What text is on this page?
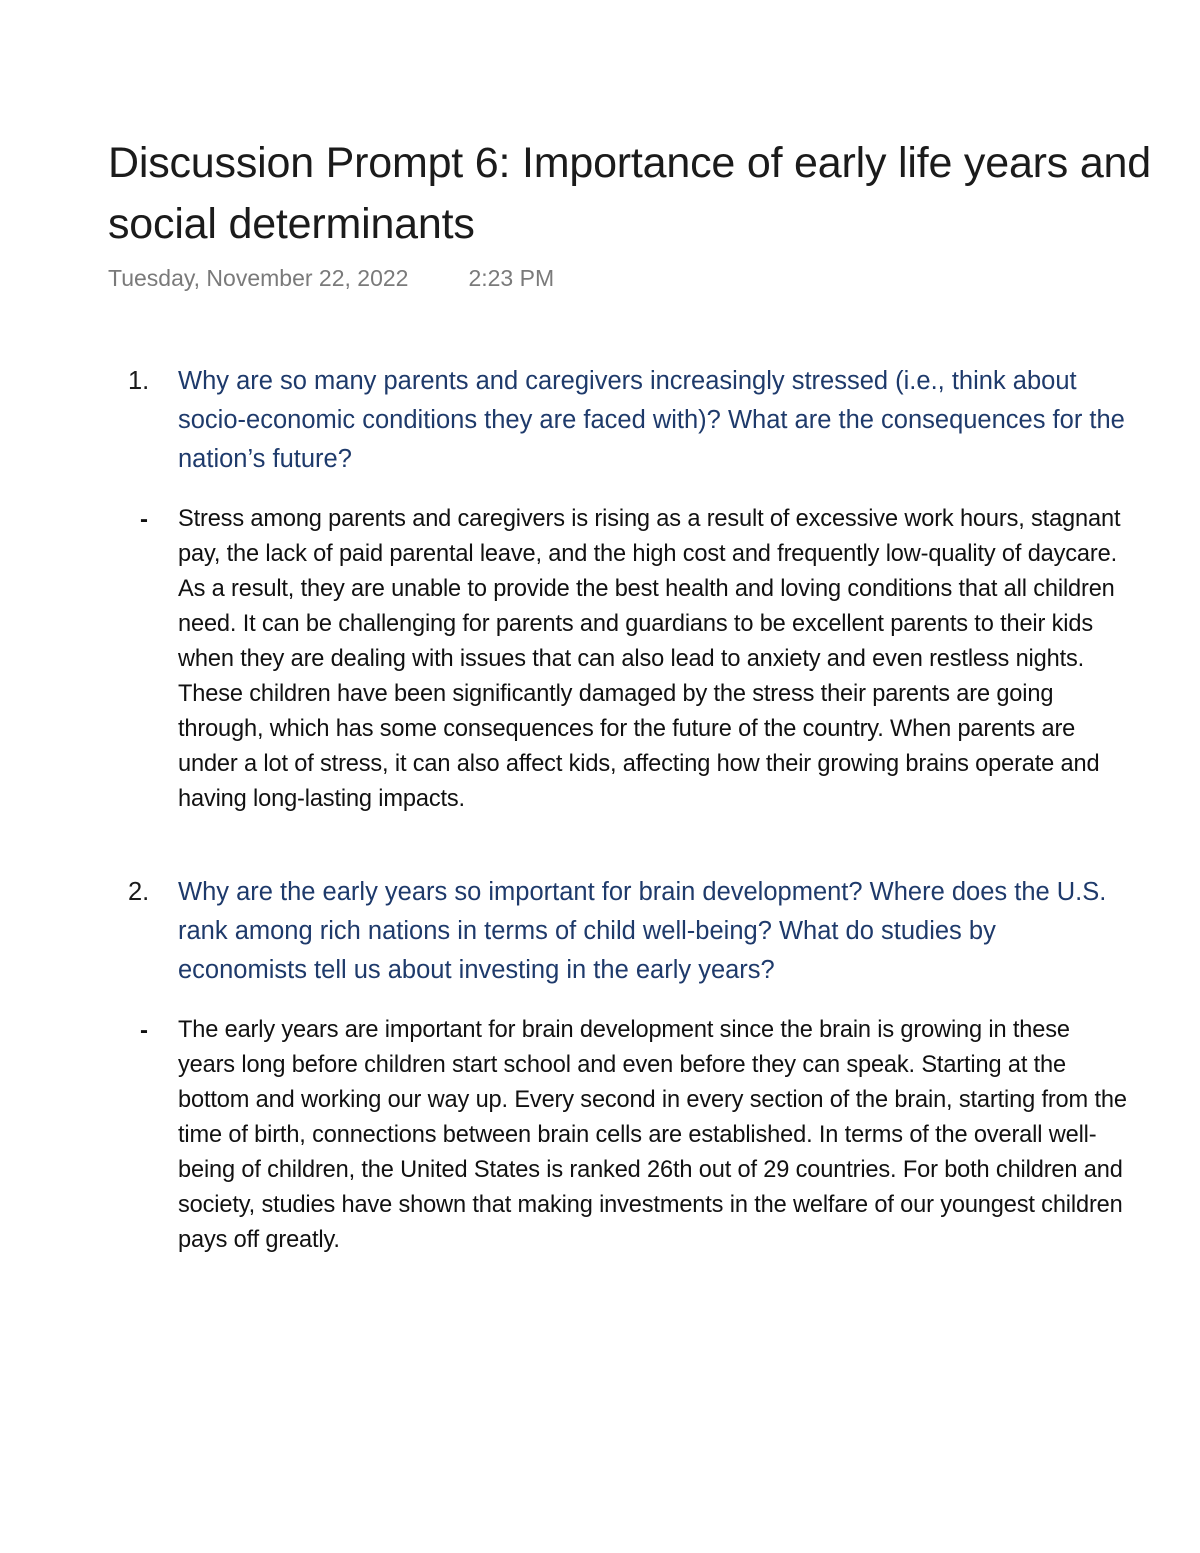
Discussion Prompt 6: Importance of early life years and social determinants
Tuesday, November 22, 2022	2:23 PM
1. Why are so many parents and caregivers increasingly stressed (i.e., think about socio-economic conditions they are faced with)? What are the consequences for the nation’s future?
- Stress among parents and caregivers is rising as a result of excessive work hours, stagnant pay, the lack of paid parental leave, and the high cost and frequently low-quality of daycare. As a result, they are unable to provide the best health and loving conditions that all children need. It can be challenging for parents and guardians to be excellent parents to their kids when they are dealing with issues that can also lead to anxiety and even restless nights. These children have been significantly damaged by the stress their parents are going through, which has some consequences for the future of the country. When parents are under a lot of stress, it can also affect kids, affecting how their growing brains operate and having long-lasting impacts.
2. Why are the early years so important for brain development? Where does the U.S. rank among rich nations in terms of child well-being? What do studies by economists tell us about investing in the early years?
- The early years are important for brain development since the brain is growing in these years long before children start school and even before they can speak. Starting at the bottom and working our way up. Every second in every section of the brain, starting from the time of birth, connections between brain cells are established. In terms of the overall well-being of children, the United States is ranked 26th out of 29 countries. For both children and society, studies have shown that making investments in the welfare of our youngest children pays off greatly.
